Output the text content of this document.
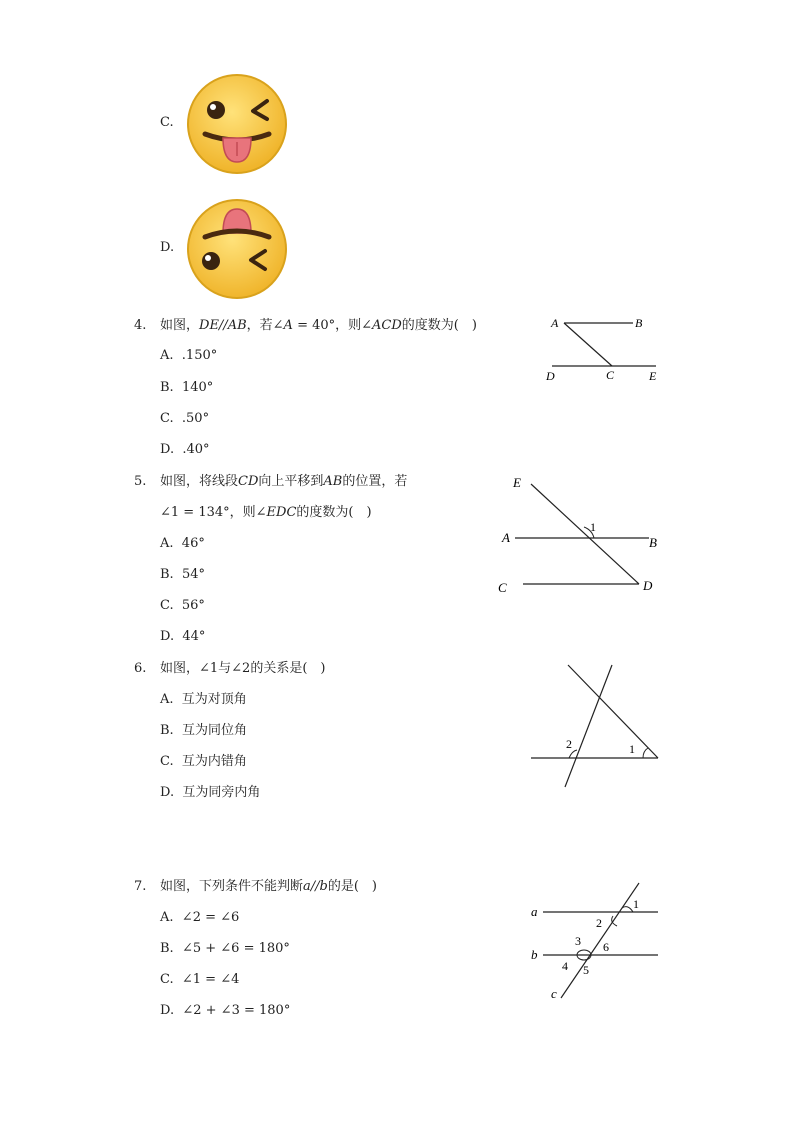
C.
D.
4. 如图，DE//AB，若∠A = 40°，则∠ACD的度数为(　)
A. .150°
B. 140°
C. .50°
D. .40°
A	B
D	C	E
5. 如图，将线段CD向上平移到AB的位置，若
∠1 = 134°，则∠EDC的度数为(　)
A. 46°
B. 54°
C. 56°
D. 44°
E
A	B
C	D
1
6. 如图，∠1与∠2的关系是(　)
A. 互为对顶角
B. 互为同位角
C. 互为内错角
D. 互为同旁内角
2	1
7. 如图，下列条件不能判断a//b的是(　)
A. ∠2 = ∠6
B. ∠5 + ∠6 = 180°
C. ∠1 = ∠4
D. ∠2 + ∠3 = 180°
a
b
c
1
2
3
4 5
6
